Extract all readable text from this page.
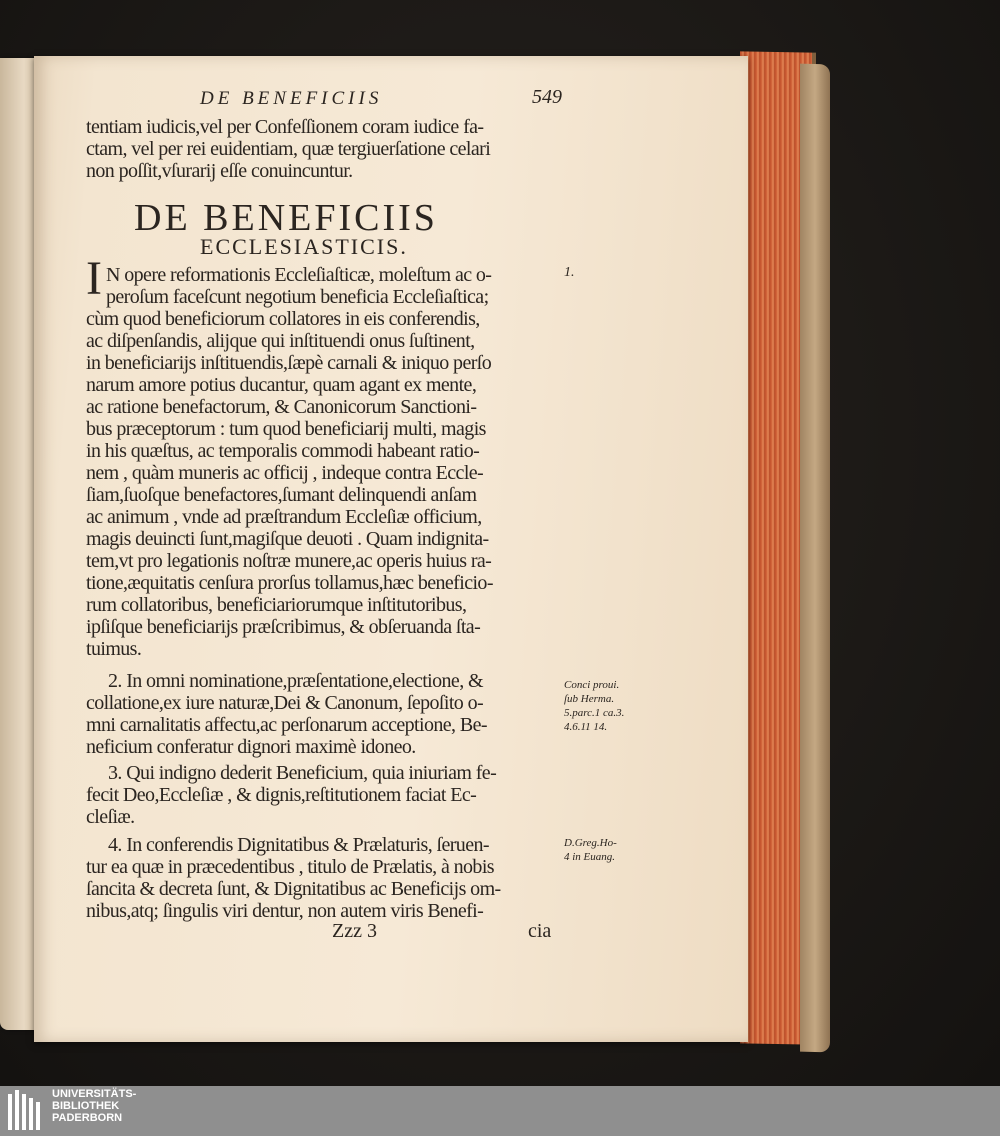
DE BENEFICIIS	549
tentiam iudicis,vel per Confeſſionem coram iudice fa-
ctam, vel per rei euidentiam, quæ tergiuerſatione celari
non poſſit,vſurarij eſſe conuincuntur.
DE BENEFICIIS
ECCLESIASTICIS.
I N opere reformationis Eccleſiaſticæ, moleſtum ac o-
peroſum faceſcunt negotium beneficia Eccleſiaſtica;
cùm quod beneficiorum collatores in eis conferendis,
ac diſpenſandis, alijque qui inſtituendi onus ſuſtinent,
in beneficiarijs inſtituendis,ſæpè carnali & iniquo perſo
narum amore potius ducantur, quam agant ex mente,
ac ratione benefactorum, & Canonicorum Sanctioni-
bus præceptorum : tum quod beneficiarij multi, magis
in his quæſtus, ac temporalis commodi habeant ratio-
nem , quàm muneris ac officij , indeque contra Eccle-
ſiam,ſuoſque benefactores,ſumant delinquendi anſam
ac animum , vnde ad præſtrandum Eccleſiæ officium,
magis deuincti ſunt,magiſque deuoti . Quam indignita-
tem,vt pro legationis noſtræ munere,ac operis huius ra-
tione,æquitatis cenſura prorſus tollamus,hæc beneficio-
rum collatoribus, beneficiariorumque inſtitutoribus,
ipſiſque beneficiarijs præſcribimus, & obſeruanda ſta-
tuimus.
2. In omni nominatione,præſentatione,electione, &
collatione,ex iure naturæ,Dei & Canonum, ſepoſito o-
mni carnalitatis affectu,ac perſonarum acceptione, Be-
neficium conferatur dignori maximè idoneo.
3. Qui indigno dederit Beneficium, quia iniuriam fe-
fecit Deo,Eccleſiæ , & dignis,reſtitutionem faciat Ec-
cleſiæ.
4. In conferendis Dignitatibus & Prælaturis, ſeruen-
tur ea quæ in præcedentibus , titulo de Prælatis, à nobis
ſancita & decreta ſunt, & Dignitatibus ac Beneficijs om-
nibus,atq; ſingulis viri dentur, non autem viris Benefi-
1.
Conci proui.
ſub Herma.
5.parc.1 ca.3.
4.6.11 14.
D.Greg.Ho-
4 in Euang.
Zzz 3	cia
UNIVERSITÄTS-
BIBLIOTHEK
PADERBORN
